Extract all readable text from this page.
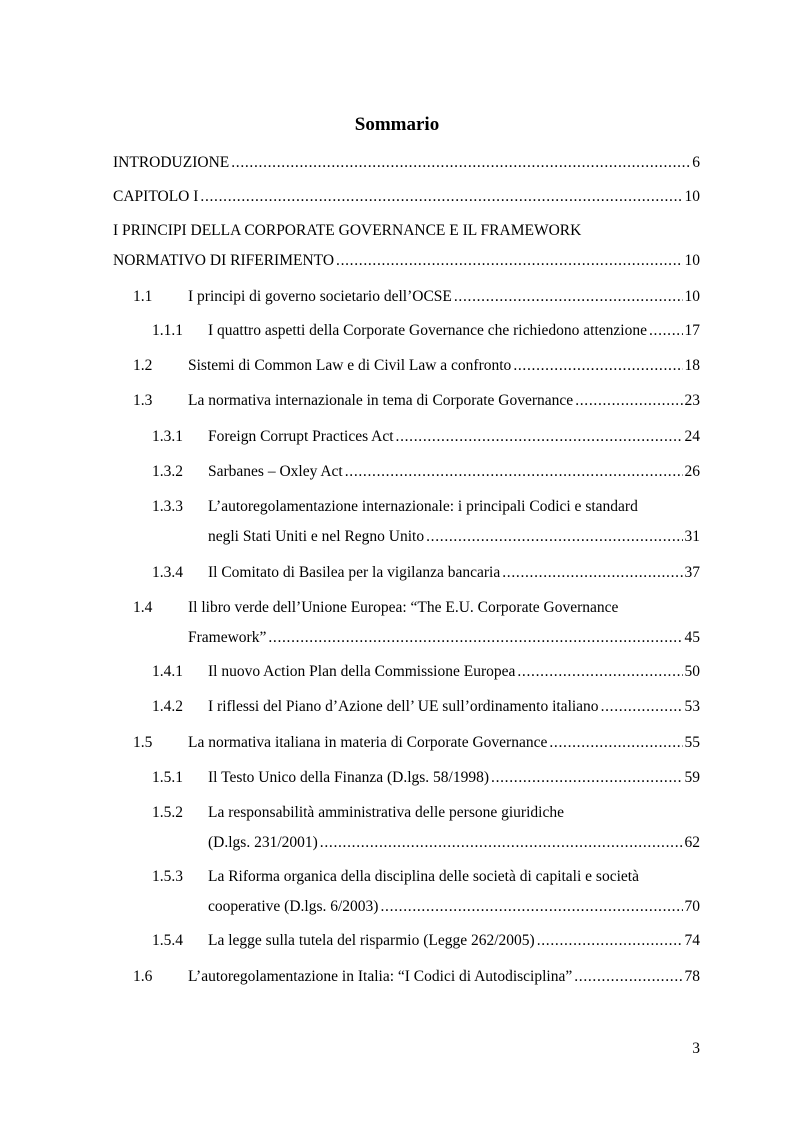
Sommario
INTRODUZIONE . . .	6
CAPITOLO I . . .	10
I PRINCIPI DELLA CORPORATE GOVERNANCE E IL FRAMEWORK
NORMATIVO DI RIFERIMENTO . . .	10
1.1 I principi di governo societario dell’OCSE . . .	10
1.1.1 I quattro aspetti della Corporate Governance che richiedono attenzione . . . 17
1.2 Sistemi di Common Law e di Civil Law a confronto . . .	18
1.3 La normativa internazionale in tema di Corporate Governance . . .	23
1.3.1 Foreign Corrupt Practices Act . . .	24
1.3.2 Sarbanes – Oxley Act . . .	26
1.3.3 L’autoregolamentazione internazionale: i principali Codici e standard
negli Stati Uniti e nel Regno Unito . . .	31
1.3.4 Il Comitato di Basilea per la vigilanza bancaria . . .	37
1.4 Il libro verde dell’Unione Europea: “The E.U. Corporate Governance
Framework” . . .	45
1.4.1 Il nuovo Action Plan della Commissione Europea . . .	50
1.4.2 I riflessi del Piano d’Azione dell’ UE sull’ordinamento italiano . . .	53
1.5 La normativa italiana in materia di Corporate Governance . . .	55
1.5.1 Il Testo Unico della Finanza (D.lgs. 58/1998) . . .	59
1.5.2 La responsabilità amministrativa delle persone giuridiche
(D.lgs. 231/2001) . . .	62
1.5.3 La Riforma organica della disciplina delle società di capitali e società
cooperative (D.lgs. 6/2003) . . .	70
1.5.4 La legge sulla tutela del risparmio (Legge 262/2005) . . .	74
1.6 L’autoregolamentazione in Italia: “I Codici di Autodisciplina” . . .	78
3
